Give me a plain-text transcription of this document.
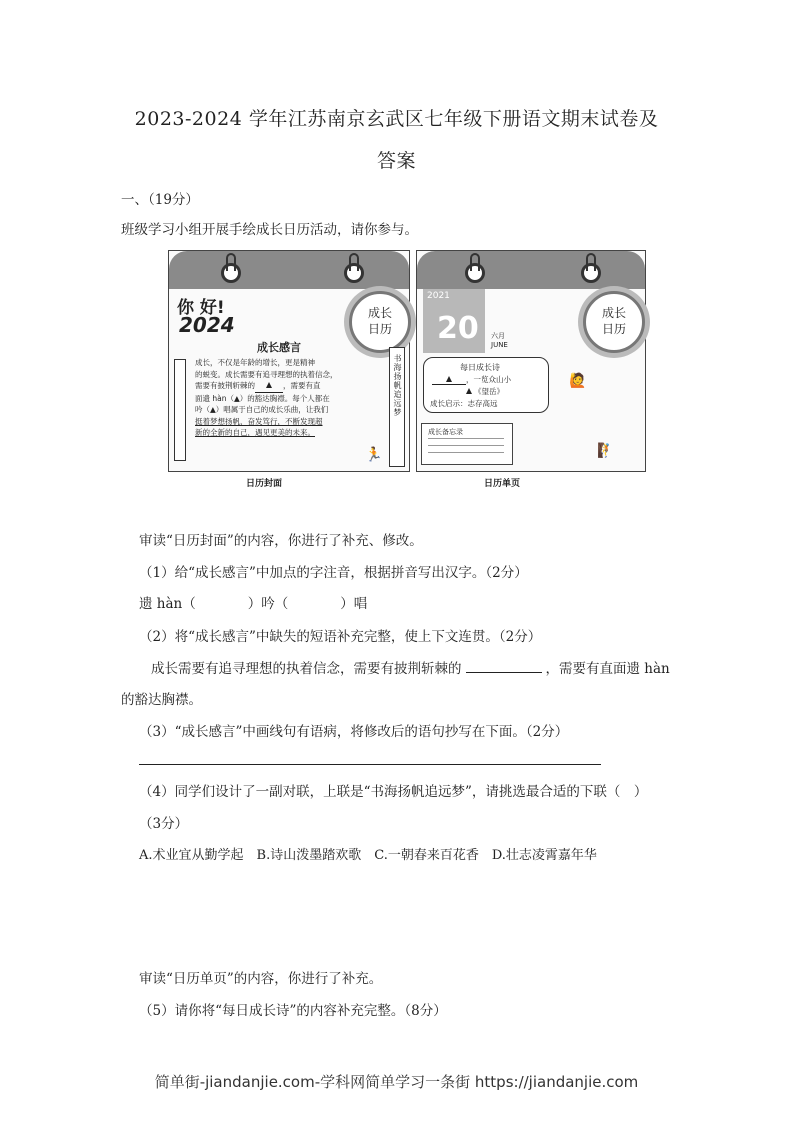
2023-2024 学年江苏南京玄武区七年级下册语文期末试卷及
答案
一、（19分）
班级学习小组开展手绘成长日历活动，请你参与。
你 好!
2024	成长
日历
成长感言
成长，不仅是年龄的增长，更是精神
的蜕变。成长需要有追寻理想的执着信念，
需要有披荆斩棘的	，需要有直
面遗 hàn（▲）的豁达胸襟。每个人都在
吟（▲）唱属于自己的成长乐曲，让我们
挺着梦想扬帆，奋发笃行，不断发现超
新的全新的自己，遇见更美的未来。
书海扬帆追远梦
🏃
2021
20 六月
JUNE
成长
日历
每日成长诗
，一览众山小
《望岳》
成长启示：志存高远
🙋
成长备忘录
🧗
日历封面	日历单页
审读“日历封面”的内容，你进行了补充、修改。
（1）给“成长感言”中加点的字注音，根据拼音写出汉字。（2分）
遗 hàn（	）吟（	）唱
（2）将“成长感言”中缺失的短语补充完整，使上下文连贯。（2分）
成长需要有追寻理想的执着信念，需要有披荆斩棘的	，需要有直面遗 hàn
的豁达胸襟。
（3）“成长感言”中画线句有语病，将修改后的语句抄写在下面。（2分）
（4）同学们设计了一副对联，上联是“书海扬帆追远梦”，请挑选最合适的下联（　）
（3分）
A.术业宜从勤学起　B.诗山泼墨踏欢歌　C.一朝春来百花香　D.壮志凌霄嘉年华
审读“日历单页”的内容，你进行了补充。
（5）请你将“每日成长诗”的内容补充完整。（8分）
简单街-jiandanjie.com-学科网简单学习一条街 https://jiandanjie.com
